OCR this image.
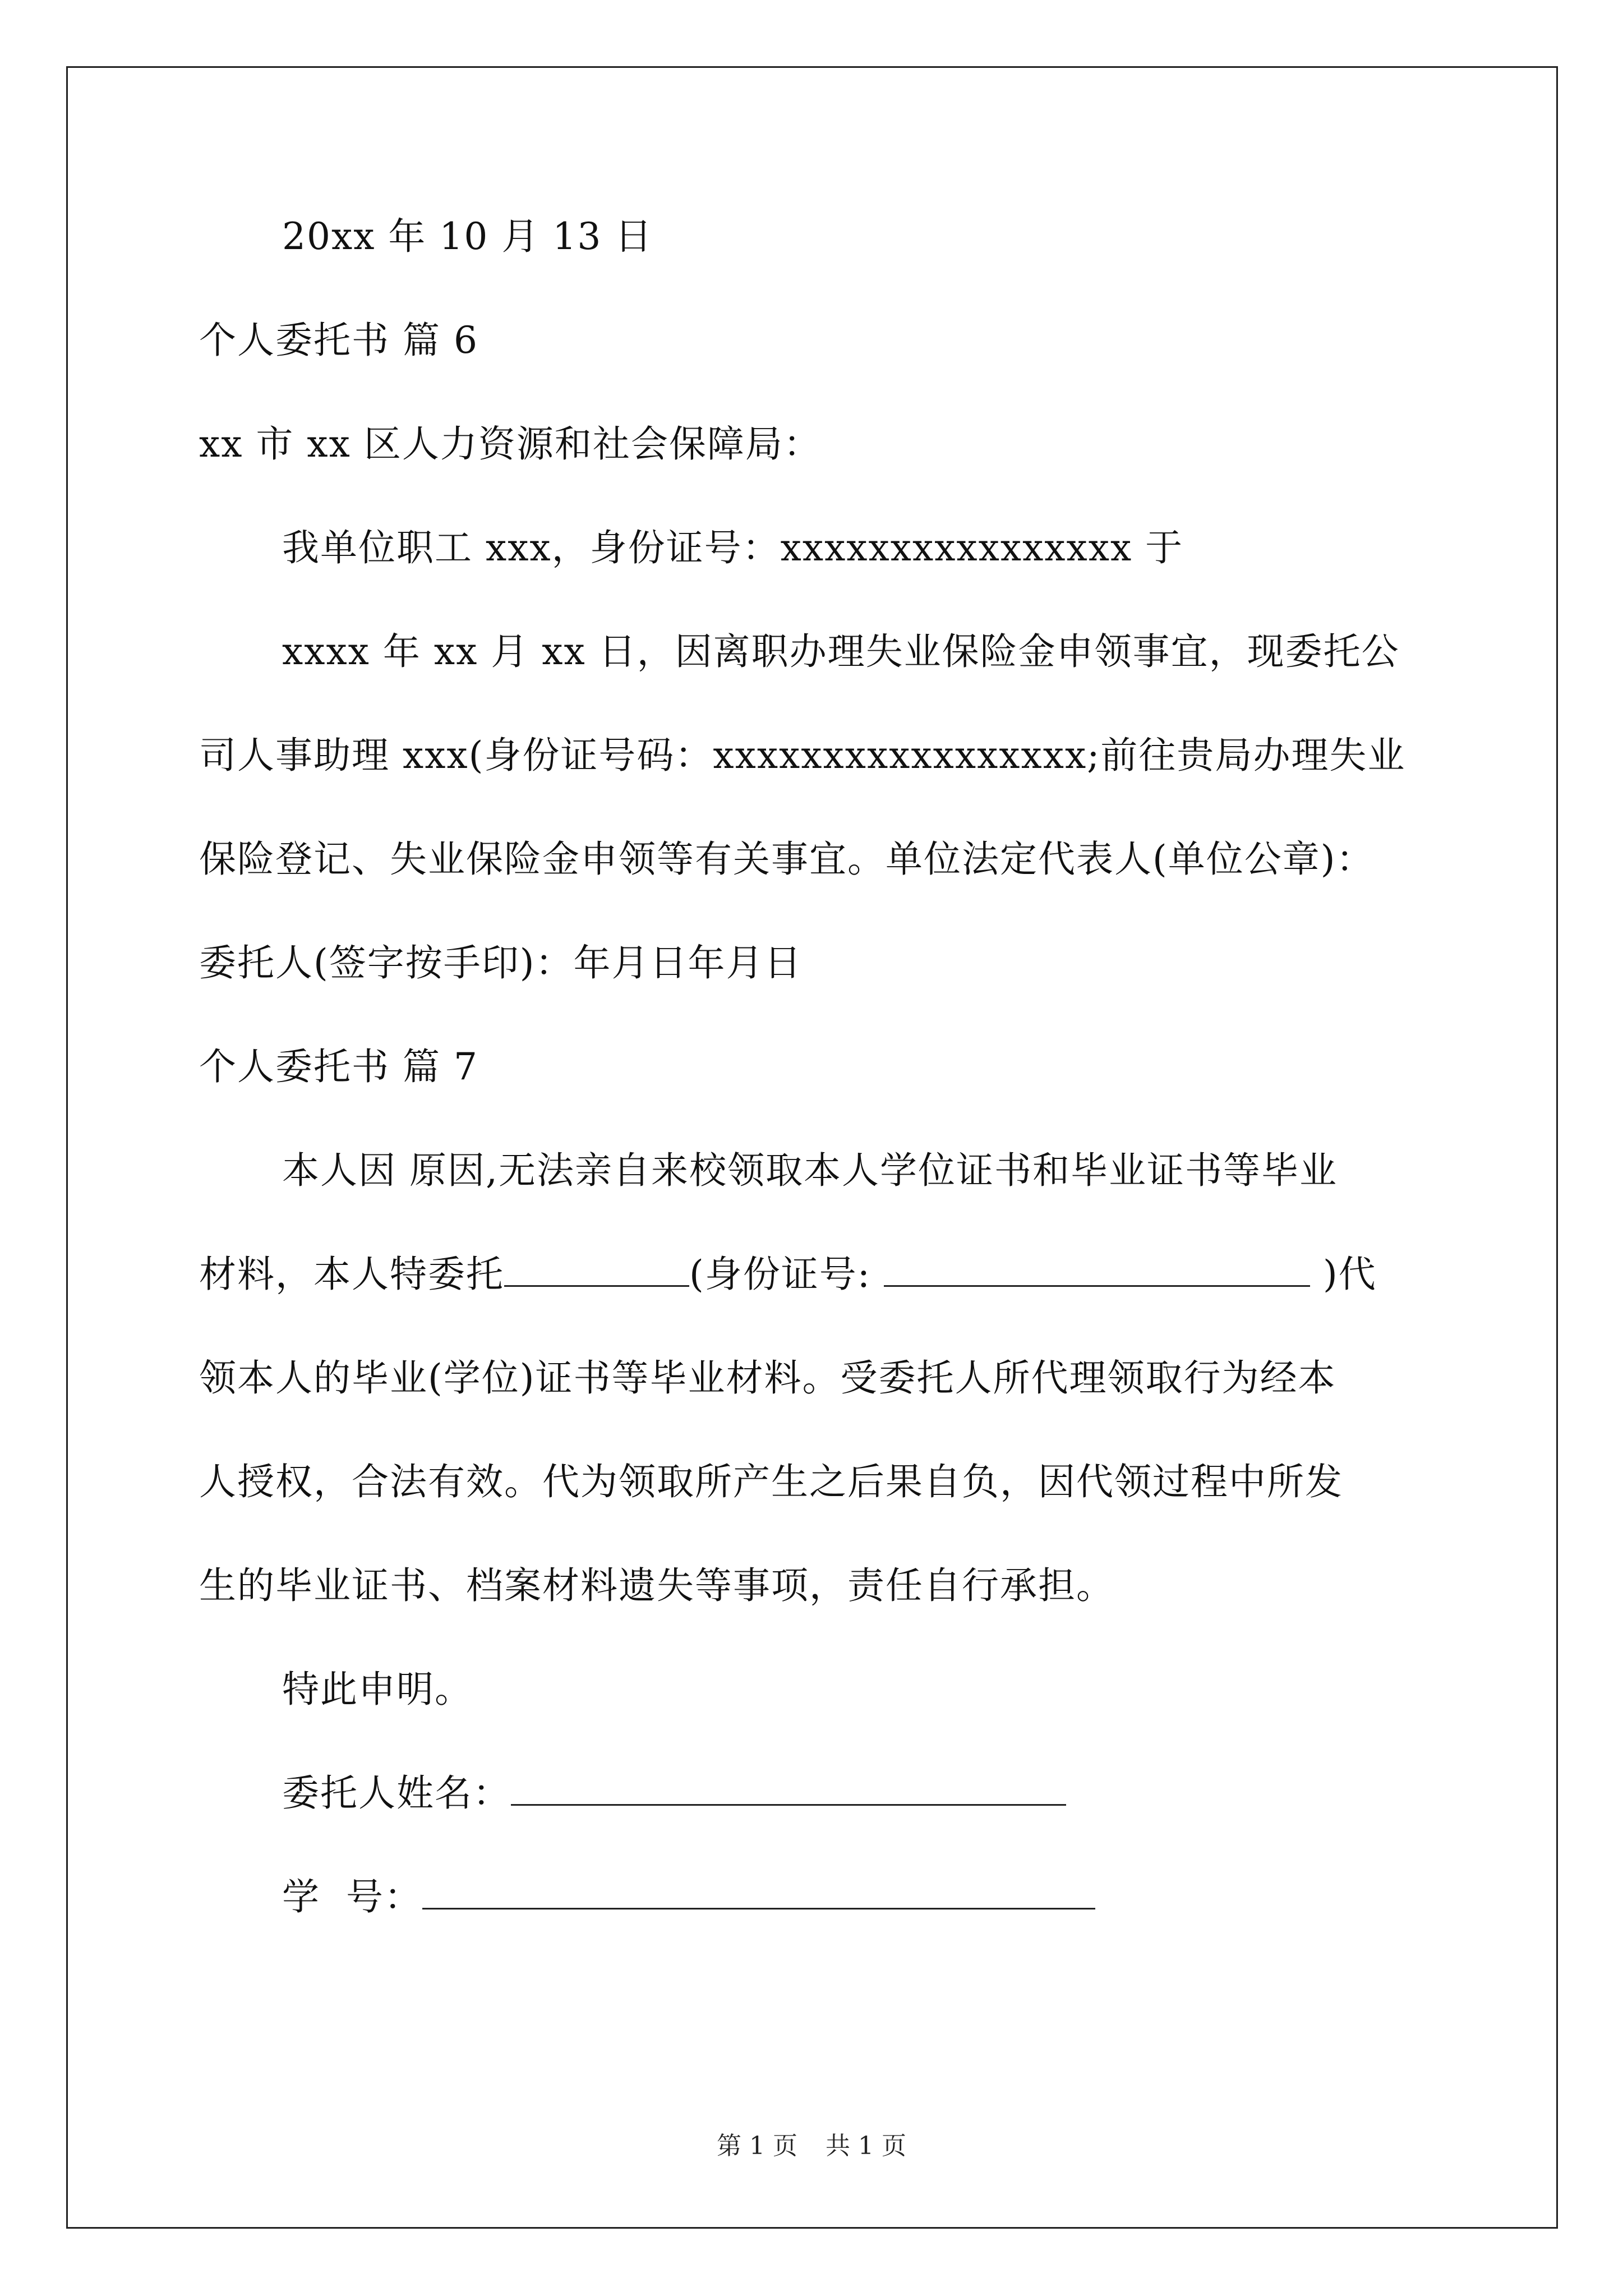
20xx 年 10 月 13 日
个人委托书 篇 6
xx 市 xx 区人力资源和社会保障局：
我单位职工 xxx，身份证号：xxxxxxxxxxxxxxxx 于
xxxx 年 xx 月 xx 日，因离职办理失业保险金申领事宜，现委托公
司人事助理 xxx(身份证号码：xxxxxxxxxxxxxxxxx;前往贵局办理失业
保险登记、失业保险金申领等有关事宜。单位法定代表人(单位公章)：
委托人(签字按手印)：年月日年月日
个人委托书 篇 7
本人因 原因,无法亲自来校领取本人学位证书和毕业证书等毕业
材料，本人特委托	(身份证号:	)代
领本人的毕业(学位)证书等毕业材料。受委托人所代理领取行为经本
人授权，合法有效。代为领取所产生之后果自负，因代领过程中所发
生的毕业证书、档案材料遗失等事项，责任自行承担。
特此申明。
委托人姓名：
学  号：
第 1 页 共 1 页
